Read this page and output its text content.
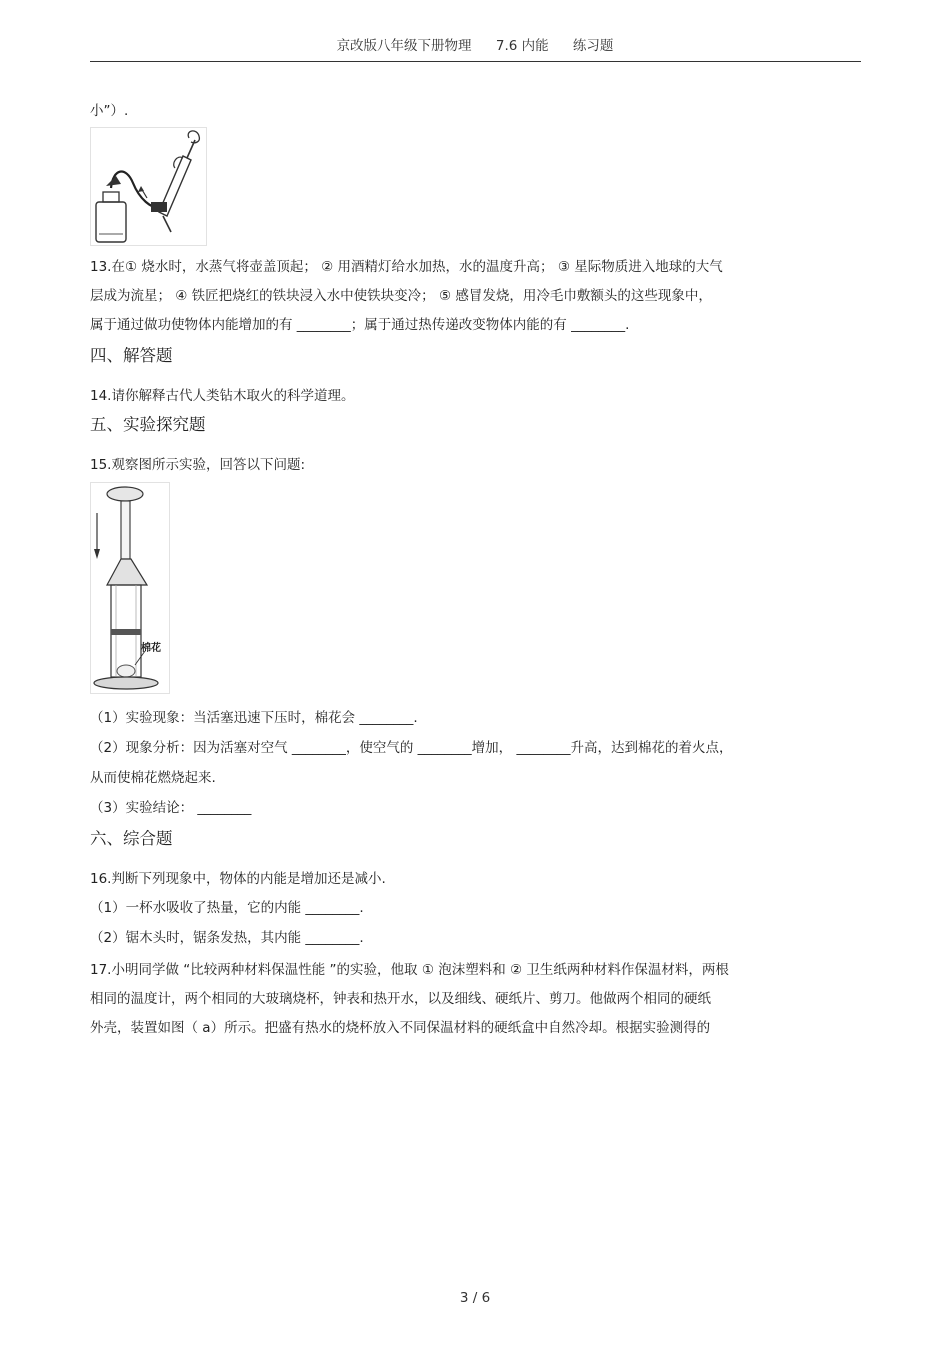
京改版八年级下册物理 7.6 内能 练习题
小”）.
13.在① 烧水时，水蒸气将壶盖顶起； ② 用酒精灯给水加热，水的温度升高； ③ 星际物质进入地球的大气
层成为流星； ④ 铁匠把烧红的铁块浸入水中使铁块变冷； ⑤ 感冒发烧，用冷毛巾敷额头的这些现象中，
属于通过做功使物体内能增加的有 ________；属于通过热传递改变物体内能的有 ________.
四、解答题
14.请你解释古代人类钻木取火的科学道理。
五、实验探究题
15.观察图所示实验，回答以下问题:
棉花
（1）实验现象：当活塞迅速下压时，棉花会 ________.
（2）现象分析：因为活塞对空气 ________，使空气的 ________增加， ________升高，达到棉花的着火点，
从而使棉花燃烧起来.
（3）实验结论： ________
六、综合题
16.判断下列现象中，物体的内能是增加还是减小.
（1）一杯水吸收了热量，它的内能 ________.
（2）锯木头时，锯条发热，其内能 ________.
17.小明同学做 “比较两种材料保温性能 ”的实验，他取 ① 泡沫塑料和 ② 卫生纸两种材料作保温材料，两根
相同的温度计，两个相同的大玻璃烧杯，钟表和热开水，以及细线、硬纸片、剪刀。他做两个相同的硬纸
外壳，装置如图（ a）所示。把盛有热水的烧杯放入不同保温材料的硬纸盒中自然冷却。根据实验测得的
3 / 6
